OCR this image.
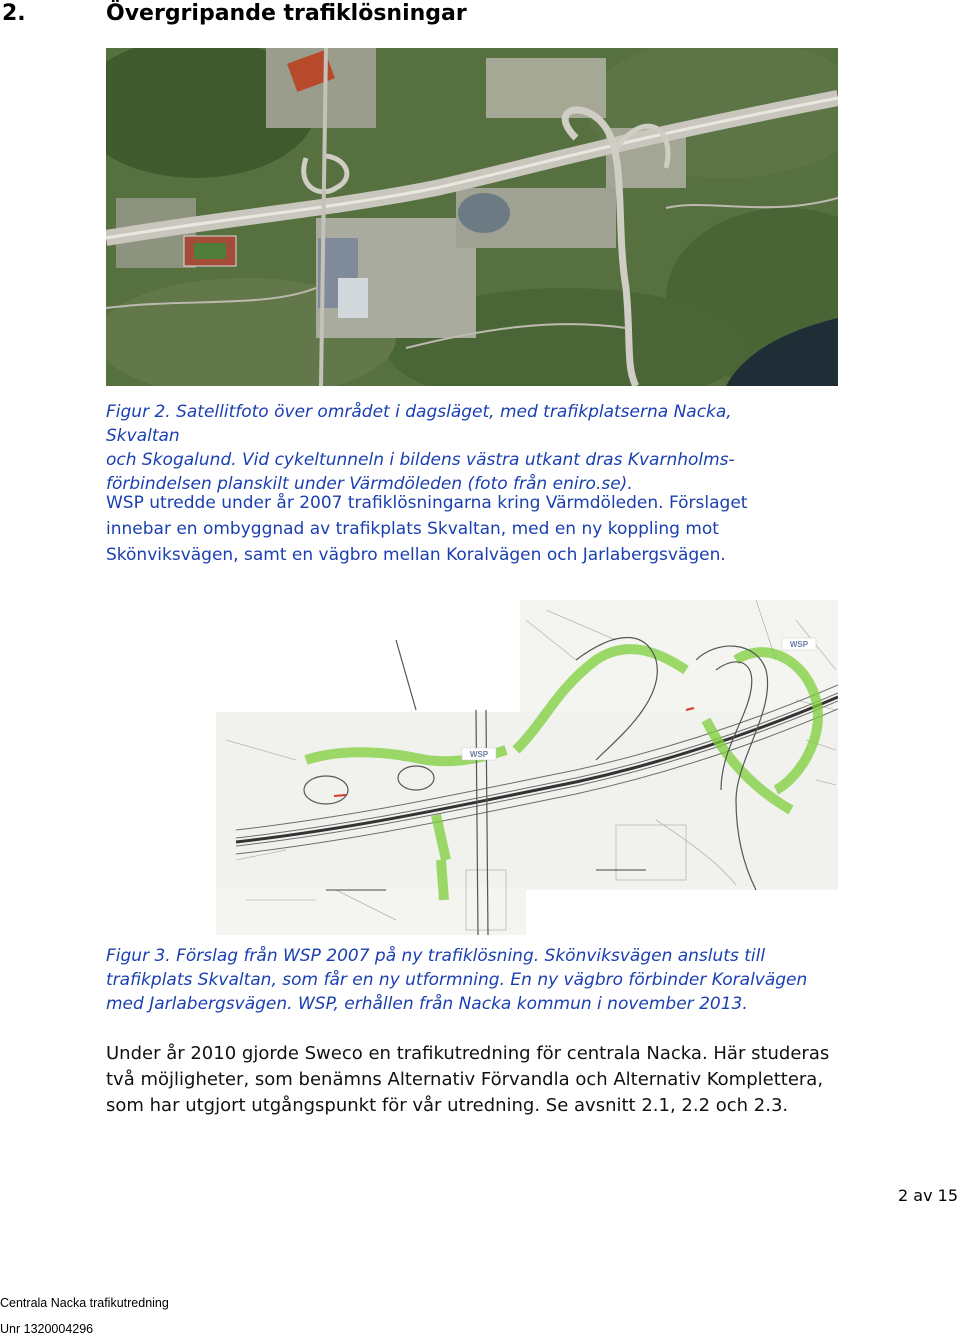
2.	Övergripande trafiklösningar
Figur 2. Satellitfoto över området i dagsläget, med trafikplatserna Nacka, Skvaltan
och Skogalund. Vid cykeltunneln i bildens västra utkant dras Kvarnholms-
förbindelsen planskilt under Värmdöleden (foto från eniro.se).
WSP utredde under år 2007 trafiklösningarna kring Värmdöleden. Förslaget
innebar en ombyggnad av trafikplats Skvaltan, med en ny koppling mot
Skönviksvägen, samt en vägbro mellan Koralvägen och Jarlabergsvägen.
WSP
WSP
Figur 3. Förslag från WSP 2007 på ny trafiklösning. Skönviksvägen ansluts till
trafikplats Skvaltan, som får en ny utformning. En ny vägbro förbinder Koralvägen
med Jarlabergsvägen. WSP, erhållen från Nacka kommun i november 2013.
Under år 2010 gjorde Sweco en trafikutredning för centrala Nacka. Här studeras
två möjligheter, som benämns Alternativ Förvandla och Alternativ Komplettera,
som har utgjort utgångspunkt för vår utredning. Se avsnitt 2.1, 2.2 och 2.3.
2 av 15
Centrala Nacka trafikutredning
Unr 1320004296
